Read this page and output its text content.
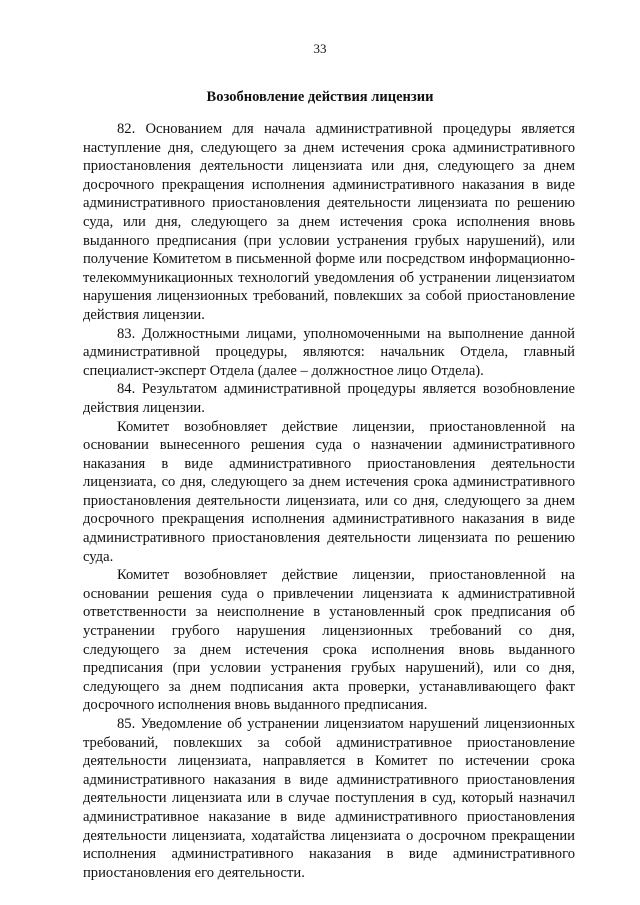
33
Возобновление действия лицензии

82. Основанием для начала административной процедуры является наступление дня, следующего за днем истечения срока административного приостановления деятельности лицензиата или дня, следующего за днем досрочного прекращения исполнения административного наказания в виде административного приостановления деятельности лицензиата по решению суда, или дня, следующего за днем истечения срока исполнения вновь выданного предписания (при условии устранения грубых нарушений), или получение Комитетом в письменной форме или посредством информационно-телекоммуникационных технологий уведомления об устранении лицензиатом нарушения лицензионных требований, повлекших за собой приостановление действия лицензии.

83. Должностными лицами, уполномоченными на выполнение данной административной процедуры, являются: начальник Отдела, главный специалист-эксперт Отдела (далее – должностное лицо Отдела).

84. Результатом административной процедуры является возобновление действия лицензии.

Комитет возобновляет действие лицензии, приостановленной на основании вынесенного решения суда о назначении административного наказания в виде административного приостановления деятельности лицензиата, со дня, следующего за днем истечения срока административного приостановления деятельности лицензиата, или со дня, следующего за днем досрочного прекращения исполнения административного наказания в виде административного приостановления деятельности лицензиата по решению суда.

Комитет возобновляет действие лицензии, приостановленной на основании решения суда о привлечении лицензиата к административной ответственности за неисполнение в установленный срок предписания об устранении грубого нарушения лицензионных требований со дня, следующего за днем истечения срока исполнения вновь выданного предписания (при условии устранения грубых нарушений), или со дня, следующего за днем подписания акта проверки, устанавливающего факт досрочного исполнения вновь выданного предписания.

85. Уведомление об устранении лицензиатом нарушений лицензионных требований, повлекших за собой административное приостановление деятельности лицензиата, направляется в Комитет по истечении срока административного наказания в виде административного приостановления деятельности лицензиата или в случае поступления в суд, который назначил административное наказание в виде административного приостановления деятельности лицензиата, ходатайства лицензиата о досрочном прекращении исполнения административного наказания в виде административного приостановления его деятельности.
